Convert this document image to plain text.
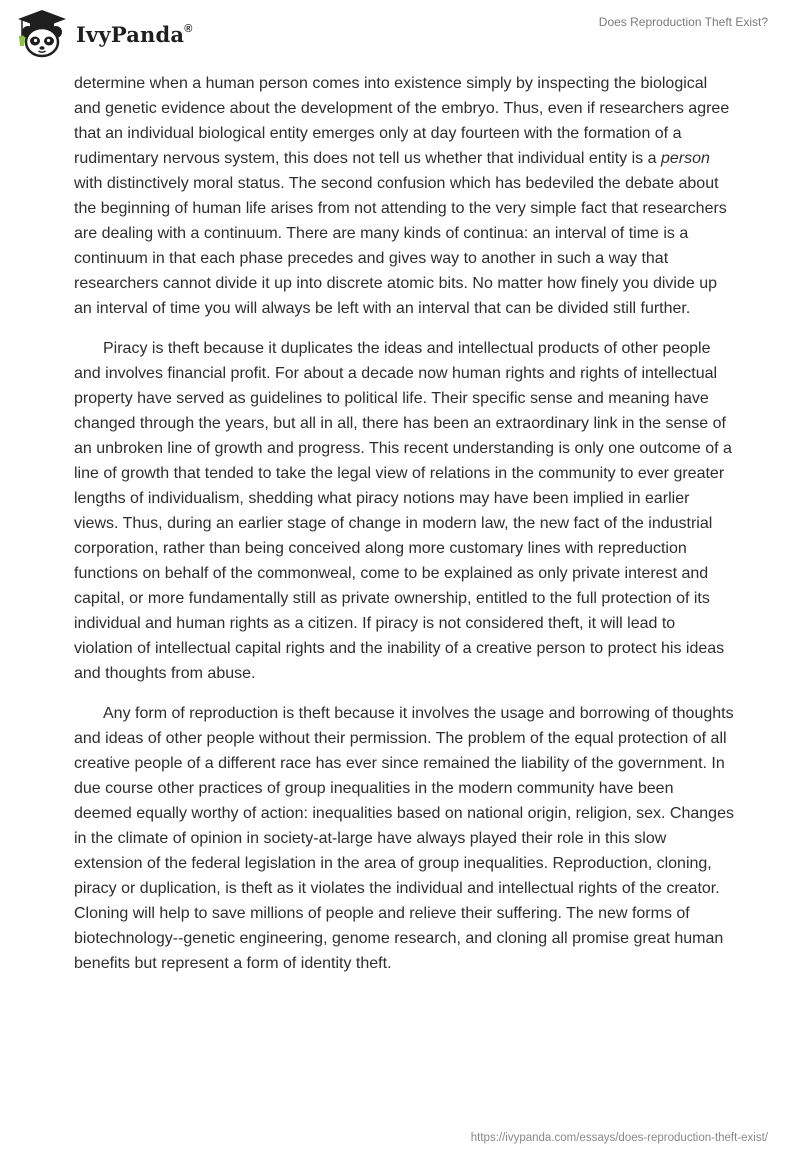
IvyPanda®	Does Reproduction Theft Exist?

determine when a human person comes into existence simply by inspecting the biological and genetic evidence about the development of the embryo. Thus, even if researchers agree that an individual biological entity emerges only at day fourteen with the formation of a rudimentary nervous system, this does not tell us whether that individual entity is a person with distinctively moral status. The second confusion which has bedeviled the debate about the beginning of human life arises from not attending to the very simple fact that researchers are dealing with a continuum. There are many kinds of continua: an interval of time is a continuum in that each phase precedes and gives way to another in such a way that researchers cannot divide it up into discrete atomic bits. No matter how finely you divide up an interval of time you will always be left with an interval that can be divided still further.

Piracy is theft because it duplicates the ideas and intellectual products of other people and involves financial profit. For about a decade now human rights and rights of intellectual property have served as guidelines to political life. Their specific sense and meaning have changed through the years, but all in all, there has been an extraordinary link in the sense of an unbroken line of growth and progress. This recent understanding is only one outcome of a line of growth that tended to take the legal view of relations in the community to ever greater lengths of individualism, shedding what piracy notions may have been implied in earlier views. Thus, during an earlier stage of change in modern law, the new fact of the industrial corporation, rather than being conceived along more customary lines with repreduction functions on behalf of the commonweal, come to be explained as only private interest and capital, or more fundamentally still as private ownership, entitled to the full protection of its individual and human rights as a citizen. If piracy is not considered theft, it will lead to violation of intellectual capital rights and the inability of a creative person to protect his ideas and thoughts from abuse.

Any form of reproduction is theft because it involves the usage and borrowing of thoughts and ideas of other people without their permission. The problem of the equal protection of all creative people of a different race has ever since remained the liability of the government. In due course other practices of group inequalities in the modern community have been deemed equally worthy of action: inequalities based on national origin, religion, sex. Changes in the climate of opinion in society-at-large have always played their role in this slow extension of the federal legislation in the area of group inequalities. Reproduction, cloning, piracy or duplication, is theft as it violates the individual and intellectual rights of the creator. Cloning will help to save millions of people and relieve their suffering. The new forms of biotechnology--genetic engineering, genome research, and cloning all promise great human benefits but represent a form of identity theft.

https://ivypanda.com/essays/does-reproduction-theft-exist/
